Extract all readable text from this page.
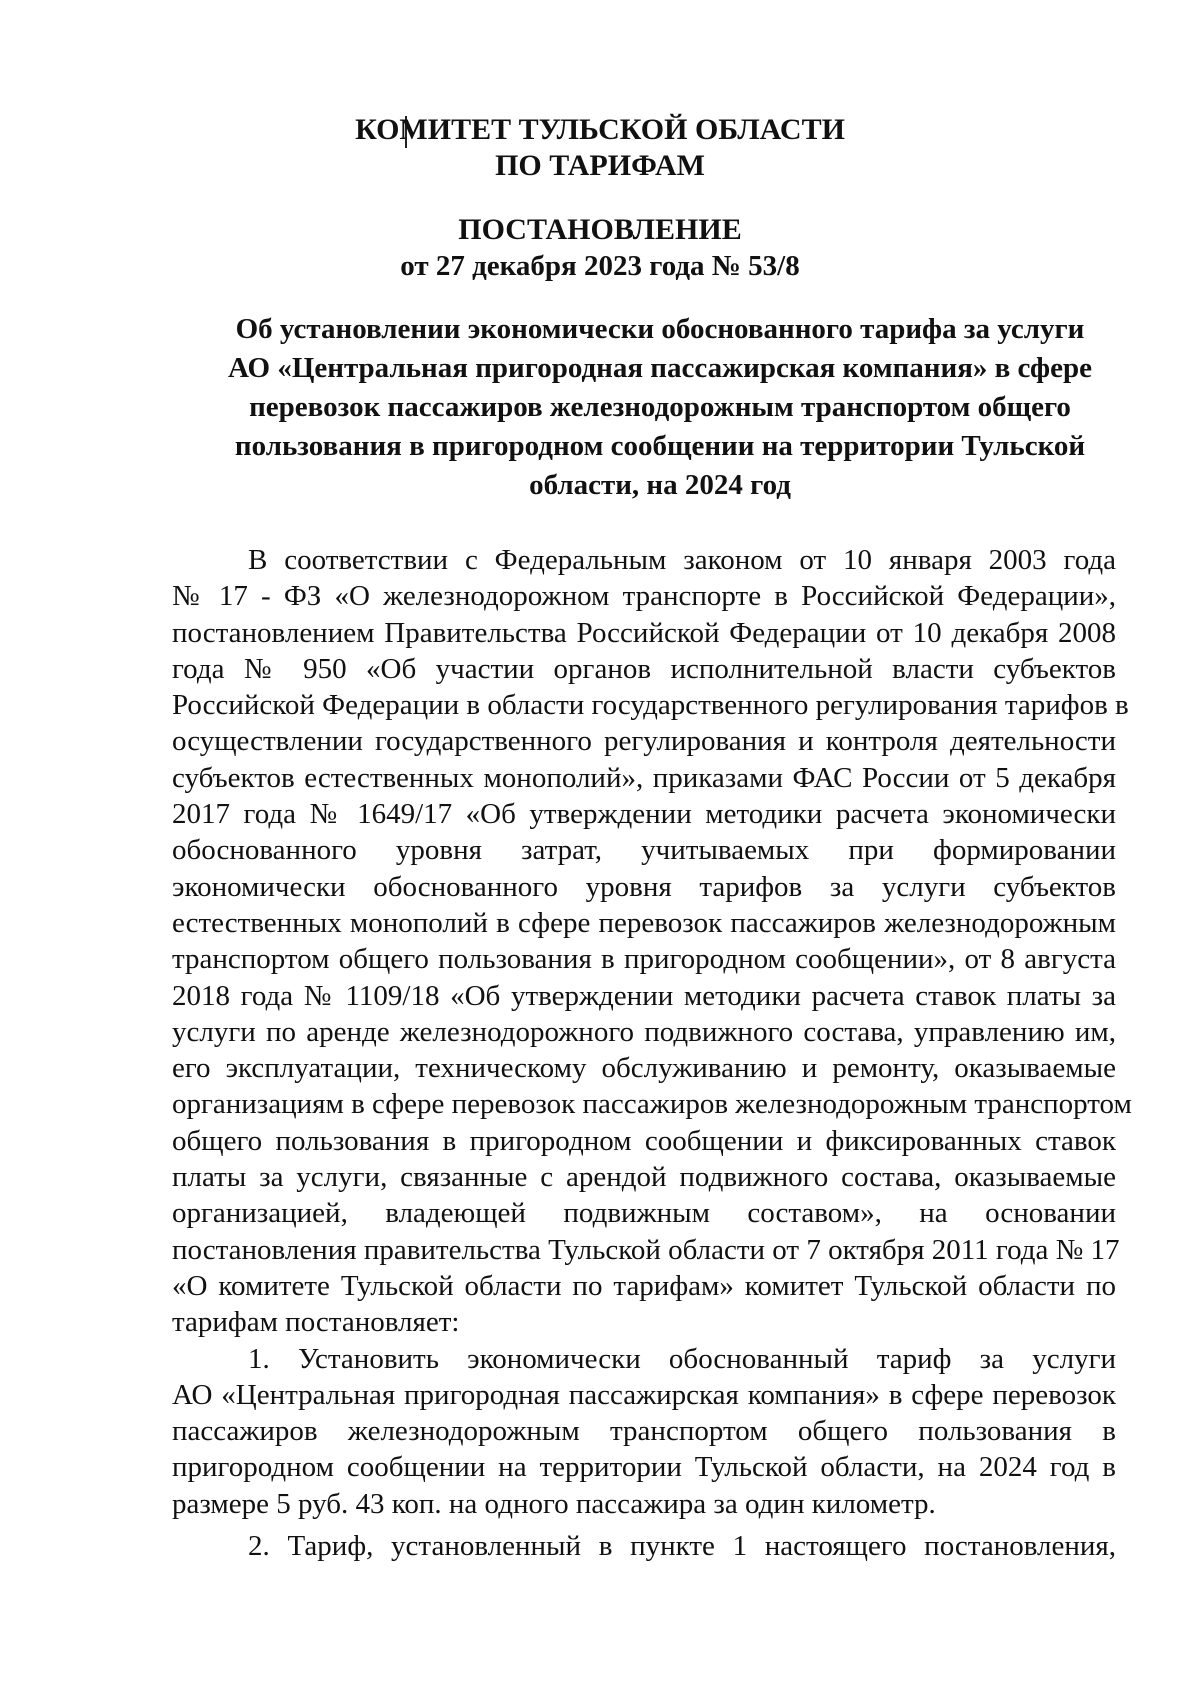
КОМИТЕТ ТУЛЬСКОЙ ОБЛАСТИ
ПО ТАРИФАМ
ПОСТАНОВЛЕНИЕ
от 27 декабря 2023 года № 53/8
Об установлении экономически обоснованного тарифа за услуги
АО «Центральная пригородная пассажирская компания» в сфере
перевозок пассажиров железнодорожным транспортом общего
пользования в пригородном сообщении на территории Тульской
области, на 2024 год
В соответствии с Федеральным законом от 10 января 2003 года
№ 17 - ФЗ «О железнодорожном транспорте в Российской Федерации»,
постановлением Правительства Российской Федерации от 10 декабря 2008
года № 950 «Об участии органов исполнительной власти субъектов
Российской Федерации в области государственного регулирования тарифов в
осуществлении государственного регулирования и контроля деятельности
субъектов естественных монополий», приказами ФАС России от 5 декабря
2017 года № 1649/17 «Об утверждении методики расчета экономически
обоснованного уровня затрат, учитываемых при формировании
экономически обоснованного уровня тарифов за услуги субъектов
естественных монополий в сфере перевозок пассажиров железнодорожным
транспортом общего пользования в пригородном сообщении», от 8 августа
2018 года № 1109/18 «Об утверждении методики расчета ставок платы за
услуги по аренде железнодорожного подвижного состава, управлению им,
его эксплуатации, техническому обслуживанию и ремонту, оказываемые
организациям в сфере перевозок пассажиров железнодорожным транспортом
общего пользования в пригородном сообщении и фиксированных ставок
платы за услуги, связанные с арендой подвижного состава, оказываемые
организацией, владеющей подвижным составом», на основании
постановления правительства Тульской области от 7 октября 2011 года № 17
«О комитете Тульской области по тарифам» комитет Тульской области по
тарифам постановляет:
1. Установить экономически обоснованный тариф за услуги
АО «Центральная пригородная пассажирская компания» в сфере перевозок
пассажиров железнодорожным транспортом общего пользования в
пригородном сообщении на территории Тульской области, на 2024 год в
размере 5 руб. 43 коп. на одного пассажира за один километр.
2. Тариф, установленный в пункте 1 настоящего постановления,
